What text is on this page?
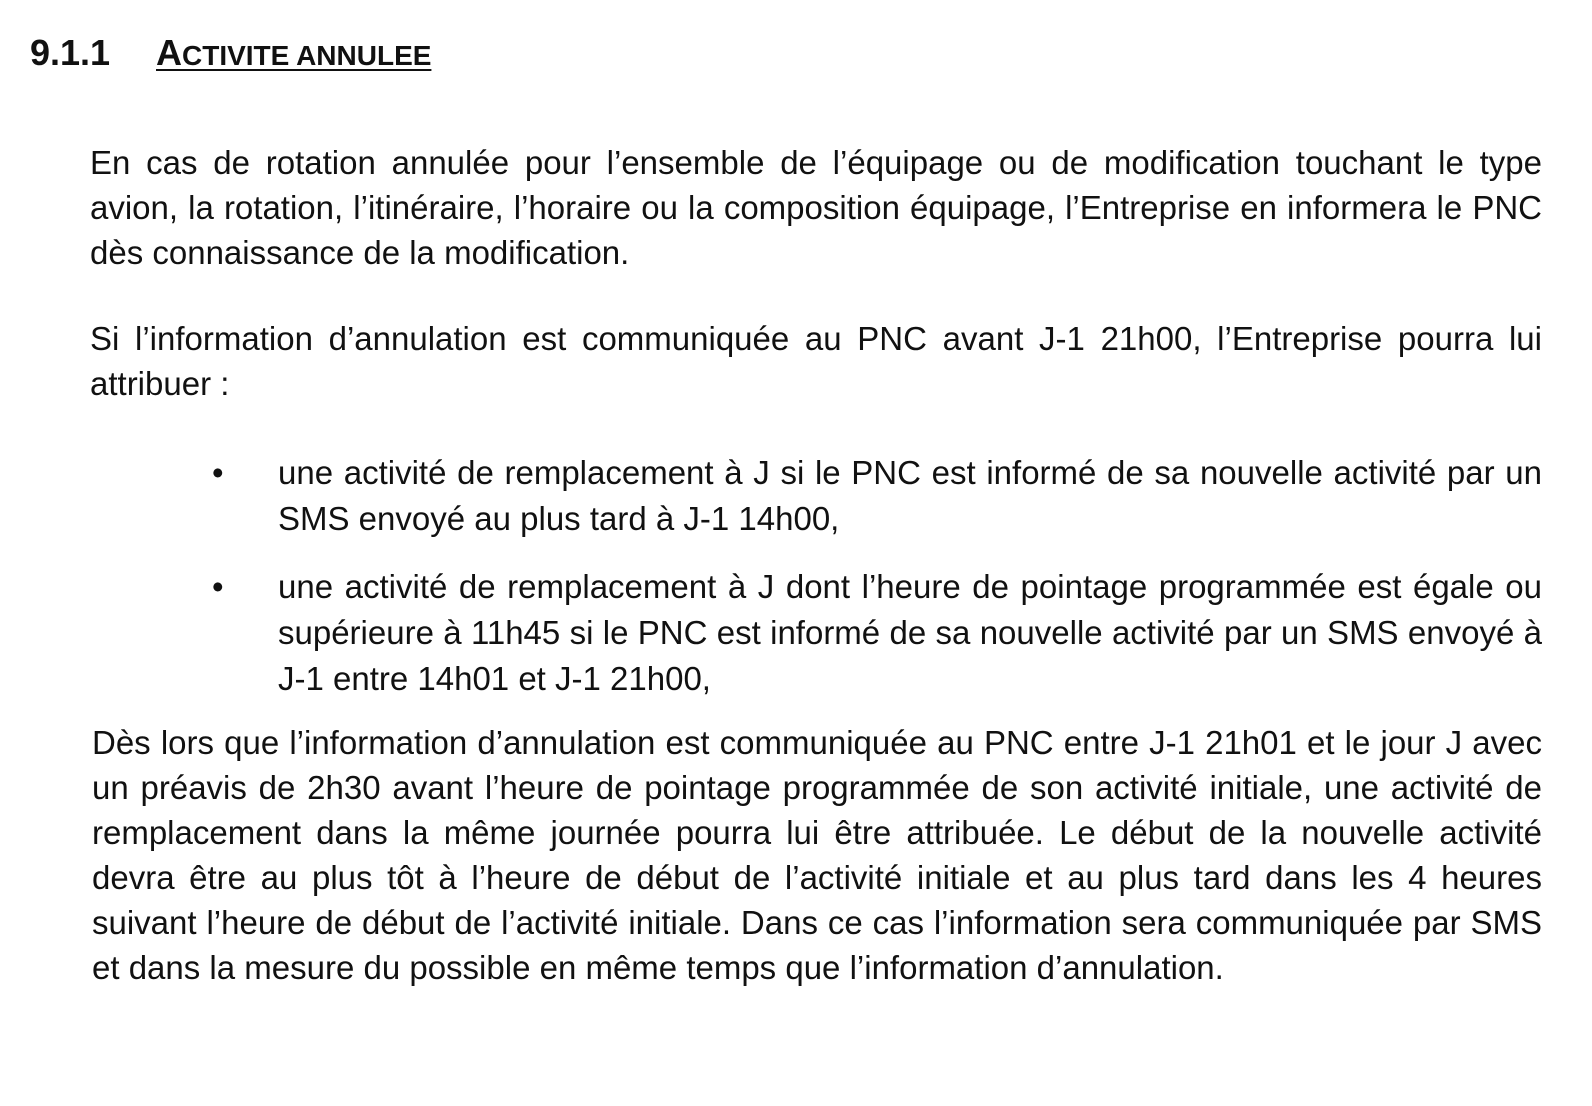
9.1.1 ACTIVITE ANNULEE

En cas de rotation annulée pour l’ensemble de l’équipage ou de modification touchant le type avion, la rotation, l’itinéraire, l’horaire ou la composition équipage, l’Entreprise en informera le PNC dès connaissance de la modification.

Si l’information d’annulation est communiquée au PNC avant J-1 21h00, l’Entreprise pourra lui attribuer :

• une activité de remplacement à J si le PNC est informé de sa nouvelle activité par un SMS envoyé au plus tard à J-1 14h00,
• une activité de remplacement à J dont l’heure de pointage programmée est égale ou supérieure à 11h45 si le PNC est informé de sa nouvelle activité par un SMS envoyé à J-1 entre 14h01 et J-1 21h00,

Dès lors que l’information d’annulation est communiquée au PNC entre J-1 21h01 et le jour J avec un préavis de 2h30 avant l’heure de pointage programmée de son activité initiale, une activité de remplacement dans la même journée pourra lui être attribuée. Le début de la nouvelle activité devra être au plus tôt à l’heure de début de l’activité initiale et au plus tard dans les 4 heures suivant l’heure de début de l’activité initiale. Dans ce cas l’information sera communiquée par SMS et dans la mesure du possible en même temps que l’information d’annulation.
